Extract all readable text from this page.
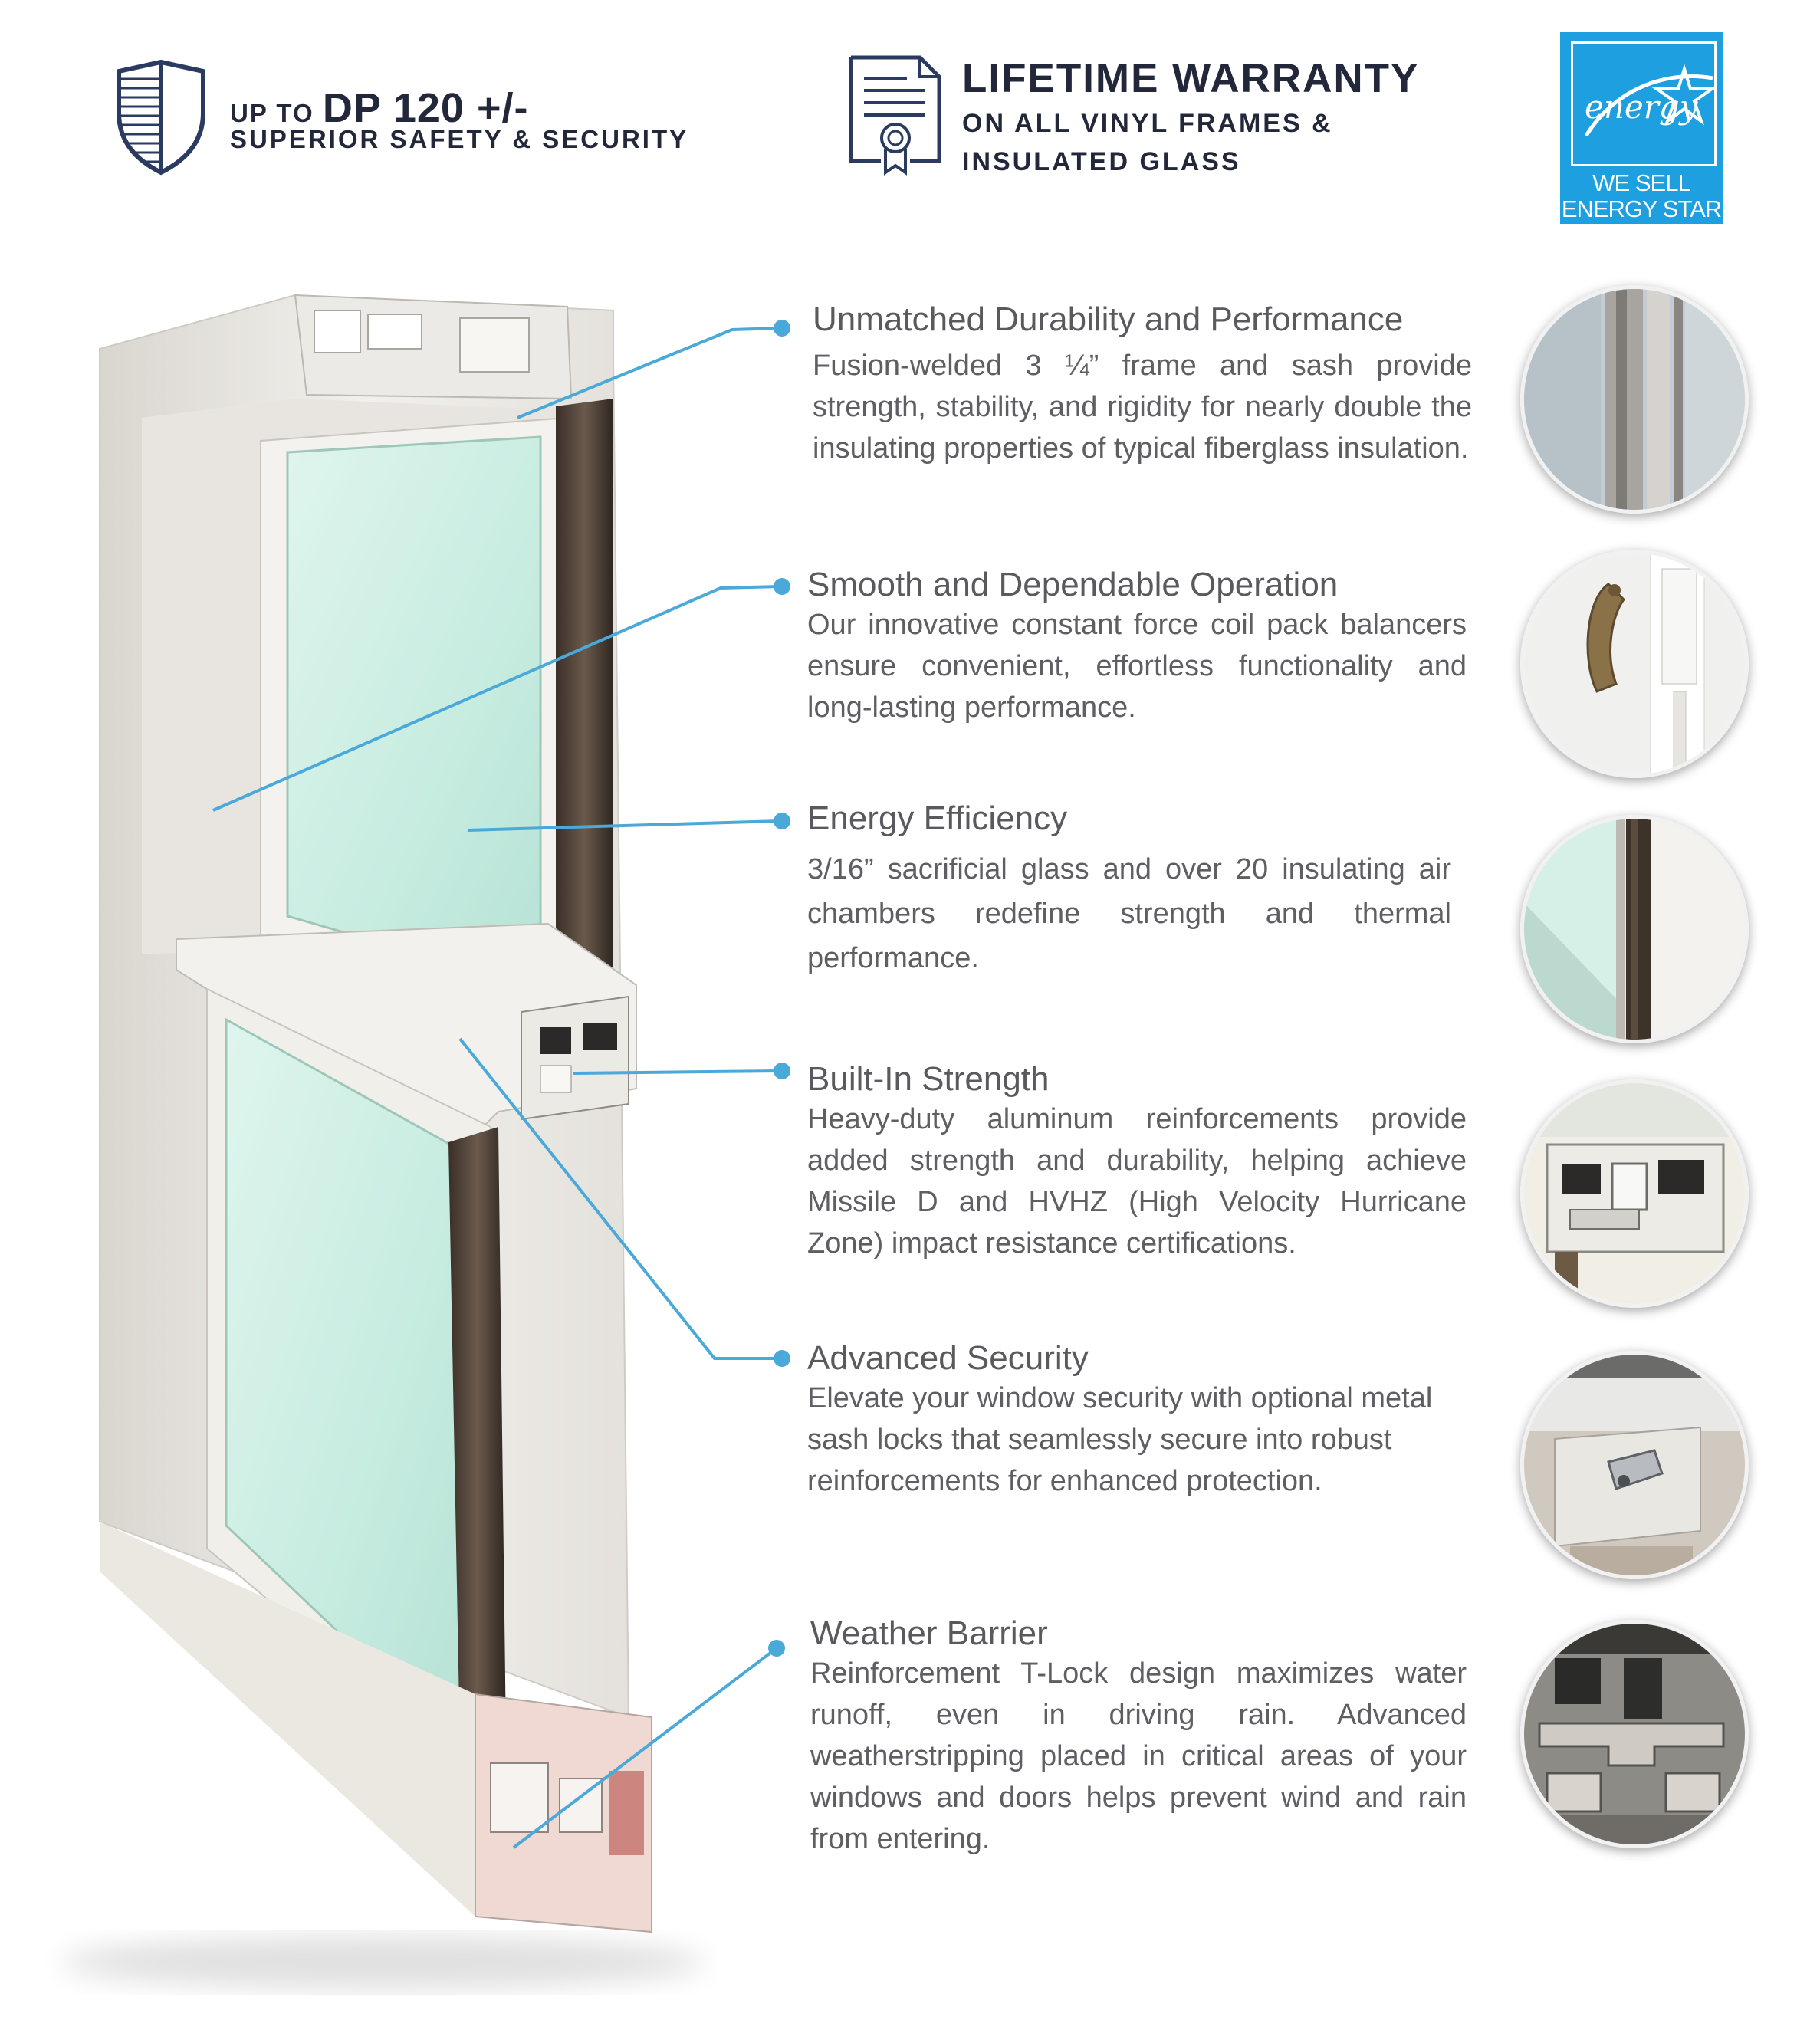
UP TO DP 120 +/-
SUPERIOR SAFETY & SECURITY
LIFETIME WARRANTY
ON ALL VINYL FRAMES &
INSULATED GLASS
energy
WE SELL
ENERGY STAR
Unmatched Durability and Performance
Fusion-welded 3 ¼” frame and sash provide strength, stability, and rigidity for nearly double the insulating properties of typical fiberglass insulation.
Smooth and Dependable Operation
Our innovative constant force coil pack balancers ensure convenient, effortless functionality and long-lasting performance.
Energy Efficiency
3/16” sacrificial glass and over 20 insulating air chambers redefine strength and thermal performance.
Built-In Strength
Heavy-duty aluminum reinforcements provide added strength and durability, helping achieve Missile D and HVHZ (High Velocity Hurricane Zone) impact resistance certifications.
Advanced Security
Elevate your window security with optional metal sash locks that seamlessly secure into robust reinforcements for enhanced protection.
Weather Barrier
Reinforcement T-Lock design maximizes water runoff, even in driving rain. Advanced weatherstripping placed in critical areas of your windows and doors helps prevent wind and rain from entering.
